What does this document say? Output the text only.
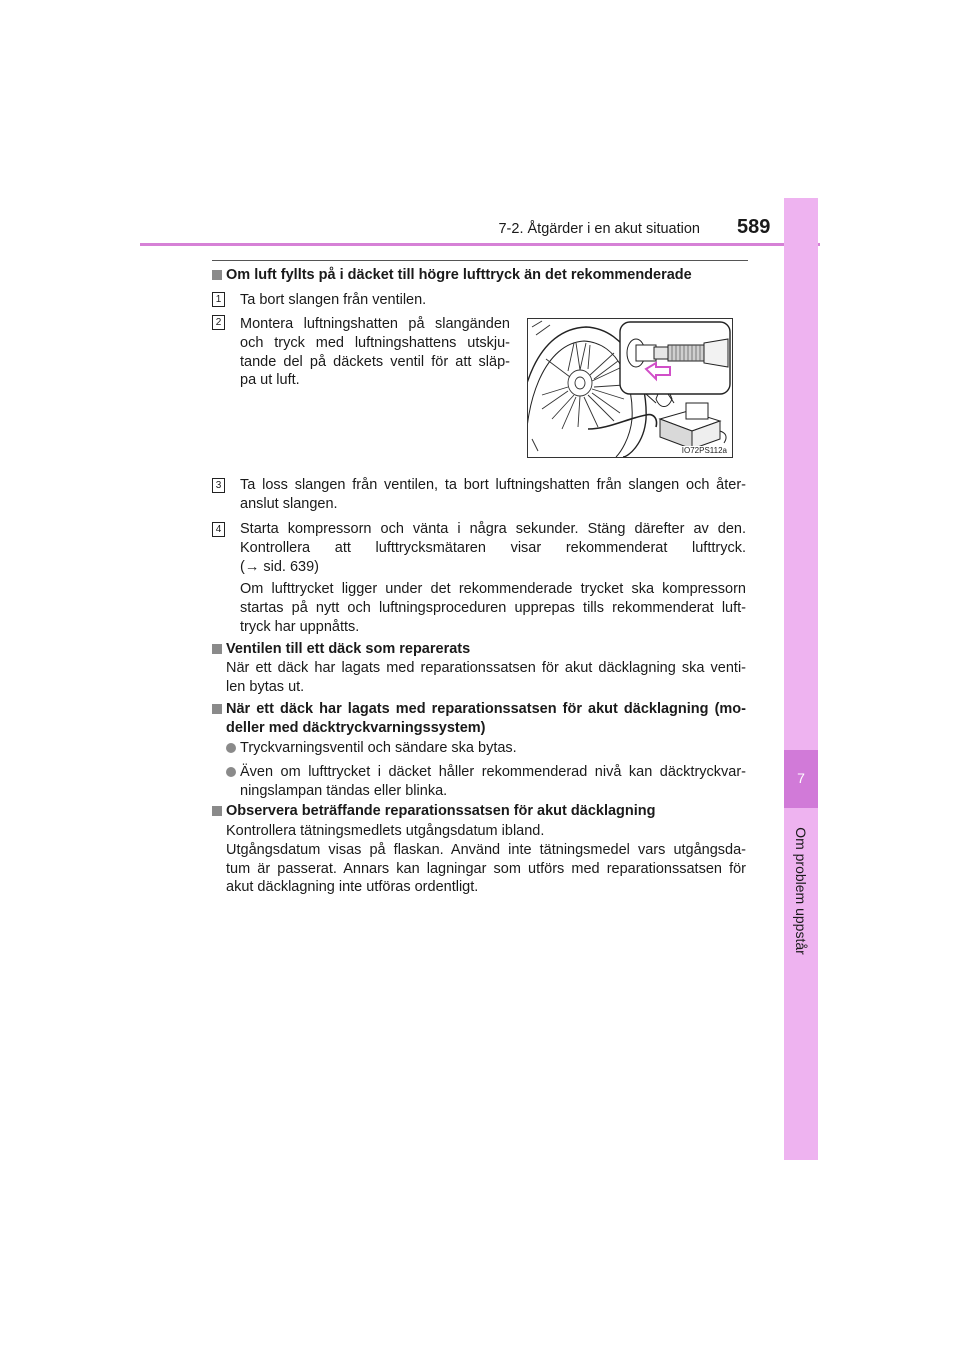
7-2. Åtgärder i en akut situation 589
7
Om problem uppstår
Om luft fyllts på i däcket till högre lufttryck än det rekommenderade
1 Ta bort slangen från ventilen.
2 Montera luftningshatten på slangänden
och tryck med luftningshattens utskju-
tande del på däckets ventil för att släp-
pa ut luft.
IO72PS112a
3 Ta loss slangen från ventilen, ta bort luftningshatten från slangen och åter-
anslut slangen.
4 Starta kompressorn och vänta i några sekunder. Stäng därefter av den.
Kontrollera att lufttrycksmätaren visar rekommenderat lufttryck.
(→ sid. 639)
Om lufttrycket ligger under det rekommenderade trycket ska kompressorn
startas på nytt och luftningsproceduren upprepas tills rekommenderat luft-
tryck har uppnåtts.
Ventilen till ett däck som reparerats
När ett däck har lagats med reparationssatsen för akut däcklagning ska venti-
len bytas ut.
När ett däck har lagats med reparationssatsen för akut däcklagning (mo-
deller med däcktryckvarningssystem)
Tryckvarningsventil och sändare ska bytas.
Även om lufttrycket i däcket håller rekommenderad nivå kan däcktryckvar-
ningslampan tändas eller blinka.
Observera beträffande reparationssatsen för akut däcklagning
Kontrollera tätningsmedlets utgångsdatum ibland.
Utgångsdatum visas på flaskan. Använd inte tätningsmedel vars utgångsda-
tum är passerat. Annars kan lagningar som utförs med reparationssatsen för
akut däcklagning inte utföras ordentligt.
